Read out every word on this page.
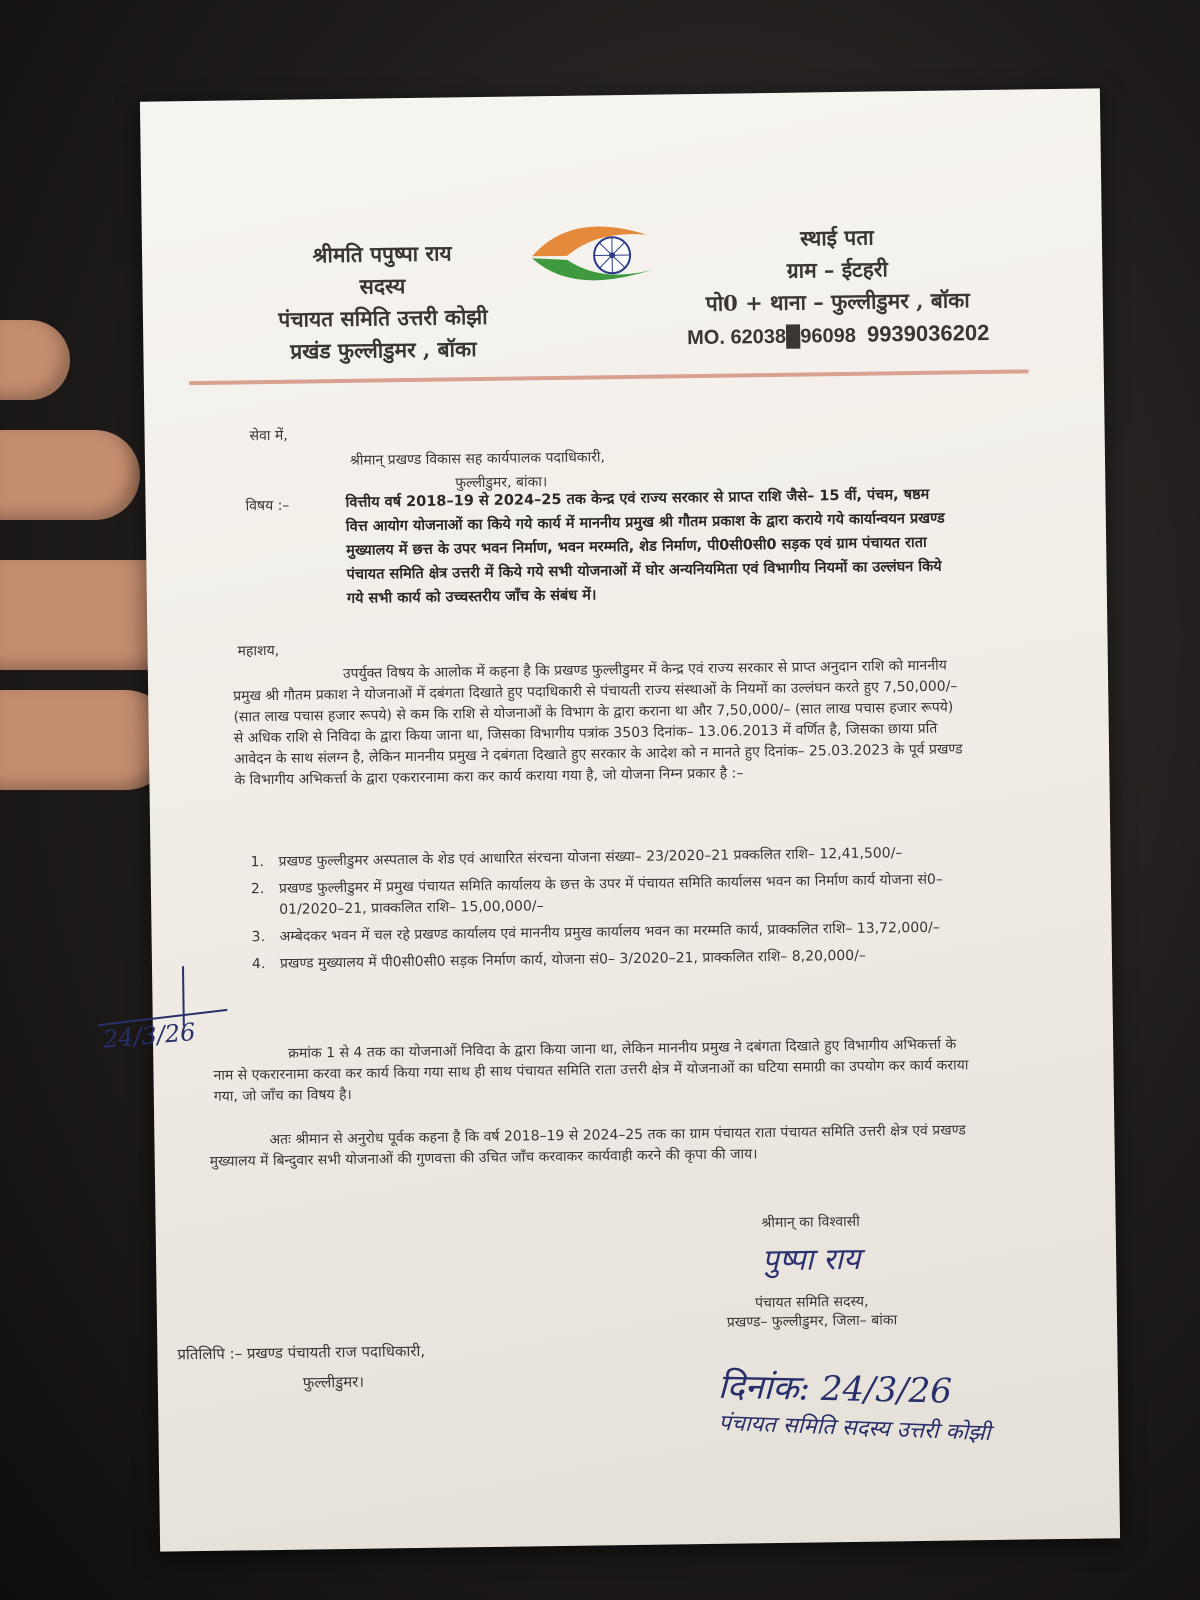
श्रीमति पपुष्पा राय
सदस्य
पंचायत समिति उत्तरी कोझी
प्रखंड फुल्लीडुमर , बॉका
स्थाई पता
ग्राम – ईटहरी
पो0 + थाना – फुल्लीडुमर , बॉका
MO. 62038█96098 9939036202
सेवा में,
श्रीमान् प्रखण्ड विकास सह कार्यपालक पदाधिकारी,
फुल्लीडुमर, बांका।
विषय :–	वित्तीय वर्ष 2018–19 से 2024–25 तक केन्द्र एवं राज्य सरकार से प्राप्त राशि जैसे– 15 वीं, पंचम, षष्ठम वित्त आयोग योजनाओं का किये गये कार्य में माननीय प्रमुख श्री गौतम प्रकाश के द्वारा कराये गये कार्यान्वयन प्रखण्ड मुख्यालय में छत्त के उपर भवन निर्माण, भवन मरम्मति, शेड निर्माण, पी0सी0सी0 सड़क एवं ग्राम पंचायत राता पंचायत समिति क्षेत्र उत्तरी में किये गये सभी योजनाओं में घोर अन्यनियमिता एवं विभागीय नियमों का उल्लंघन किये गये सभी कार्य को उच्चस्तरीय जाँच के संबंध में।
महाशय,
उपर्युक्त विषय के आलोक में कहना है कि प्रखण्ड फुल्लीडुमर में केन्द्र एवं राज्य सरकार से प्राप्त अनुदान राशि को माननीय प्रमुख श्री गौतम प्रकाश ने योजनाओं में दबंगता दिखाते हुए पदाधिकारी से पंचायती राज्य संस्थाओं के नियमों का उल्लंघन करते हुए 7,50,000/– (सात लाख पचास हजार रूपये) से कम कि राशि से योजनाओं के विभाग के द्वारा कराना था और 7,50,000/– (सात लाख पचास हजार रूपये) से अधिक राशि से निविदा के द्वारा किया जाना था, जिसका विभागीय पत्रांक 3503 दिनांक– 13.06.2013 में वर्णित है, जिसका छाया प्रति आवेदन के साथ संलग्न है, लेकिन माननीय प्रमुख ने दबंगता दिखाते हुए सरकार के आदेश को न मानते हुए दिनांक– 25.03.2023 के पूर्व प्रखण्ड के विभागीय अभिकर्त्ता के द्वारा एकरारनामा करा कर कार्य कराया गया है, जो योजना निम्न प्रकार है :–
1. प्रखण्ड फुल्लीडुमर अस्पताल के शेड एवं आधारित संरचना योजना संख्या– 23/2020–21 प्रक्कलित राशि– 12,41,500/–
2. प्रखण्ड फुल्लीडुमर में प्रमुख पंचायत समिति कार्यालय के छत्त के उपर में पंचायत समिति कार्यालस भवन का निर्माण कार्य योजना सं0– 01/2020–21, प्राक्कलित राशि– 15,00,000/–
3. अम्बेदकर भवन में चल रहे प्रखण्ड कार्यालय एवं माननीय प्रमुख कार्यालय भवन का मरम्मति कार्य, प्राक्कलित राशि– 13,72,000/–
4. प्रखण्ड मुख्यालय में पी0सी0सी0 सड़क निर्माण कार्य, योजना सं0– 3/2020–21, प्राक्कलित राशि– 8,20,000/–
24/3/26	क्रमांक 1 से 4 तक का योजनाओं निविदा के द्वारा किया जाना था, लेकिन माननीय प्रमुख ने दबंगता दिखाते हुए विभागीय अभिकर्त्ता के नाम से एकरारनामा करवा कर कार्य किया गया साथ ही साथ पंचायत समिति राता उत्तरी क्षेत्र में योजनाओं का घटिया समाग्री का उपयोग कर कार्य कराया गया, जो जाँच का विषय है।
अतः श्रीमान से अनुरोध पूर्वक कहना है कि वर्ष 2018–19 से 2024–25 तक का ग्राम पंचायत राता पंचायत समिति उत्तरी क्षेत्र एवं प्रखण्ड मुख्यालय में बिन्दुवार सभी योजनाओं की गुणवत्ता की उचित जाँच करवाकर कार्यवाही करने की कृपा की जाय।
श्रीमान् का विश्वासी
पुष्पा राय
पंचायत समिति सदस्य,
प्रखण्ड– फुल्लीडुमर, जिला– बांका
प्रतिलिपि :– प्रखण्ड पंचायती राज पदाधिकारी,
फुल्लीडुमर।	दिनांक: 24/3/26
पंचायत समिति सदस्य उत्तरी कोझी
